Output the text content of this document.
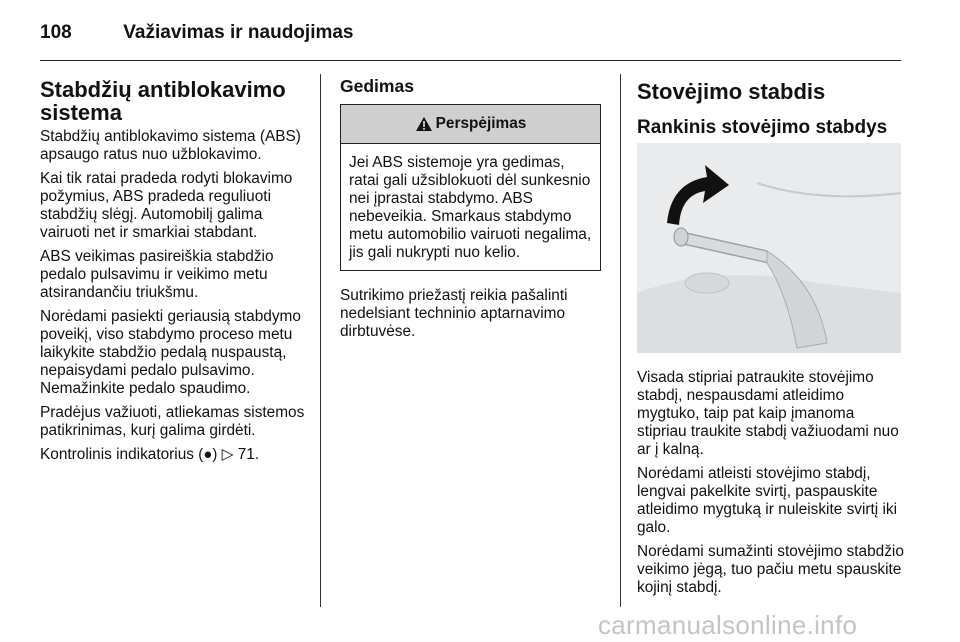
108	Važiavimas ir naudojimas
Stabdžių antiblokavimo sistema

Stabdžių antiblokavimo sistema (ABS) apsaugo ratus nuo užblokavimo.

Kai tik ratai pradeda rodyti blokavimo požymius, ABS pradeda reguliuoti stabdžių slėgį. Automobilį galima vairuoti net ir smarkiai stabdant.

ABS veikimas pasireiškia stabdžio pedalo pulsavimu ir veikimo metu atsirandančiu triukšmu.

Norėdami pasiekti geriausią stabdymo poveikį, viso stabdymo proceso metu laikykite stabdžio pedalą nuspaustą, nepaisydami pedalo pulsavimo. Nemažinkite pedalo spaudimo.

Pradėjus važiuoti, atliekamas sistemos patikrinimas, kurį galima girdėti.

Kontrolinis indikatorius (●) ▷ 71.

Gedimas
Perspėjimas
Jei ABS sistemoje yra gedimas, ratai gali užsiblokuoti dėl sunkesnio nei įprastai stabdymo. ABS nebeveikia. Smarkaus stabdymo metu automobilio vairuoti negalima, jis gali nukrypti nuo kelio.

Sutrikimo priežastį reikia pašalinti nedelsiant techninio aptarnavimo dirbtuvėse.

Stovėjimo stabdis
Rankinis stovėjimo stabdys

Visada stipriai patraukite stovėjimo stabdį, nespausdami atleidimo mygtuko, taip pat kaip įmanoma stipriau traukite stabdį važiuodami nuo ar į kalną.

Norėdami atleisti stovėjimo stabdį, lengvai pakelkite svirtį, paspauskite atleidimo mygtuką ir nuleiskite svirtį iki galo.

Norėdami sumažinti stovėjimo stabdžio veikimo jėgą, tuo pačiu metu spauskite kojinį stabdį.

carmanualsonline.info
